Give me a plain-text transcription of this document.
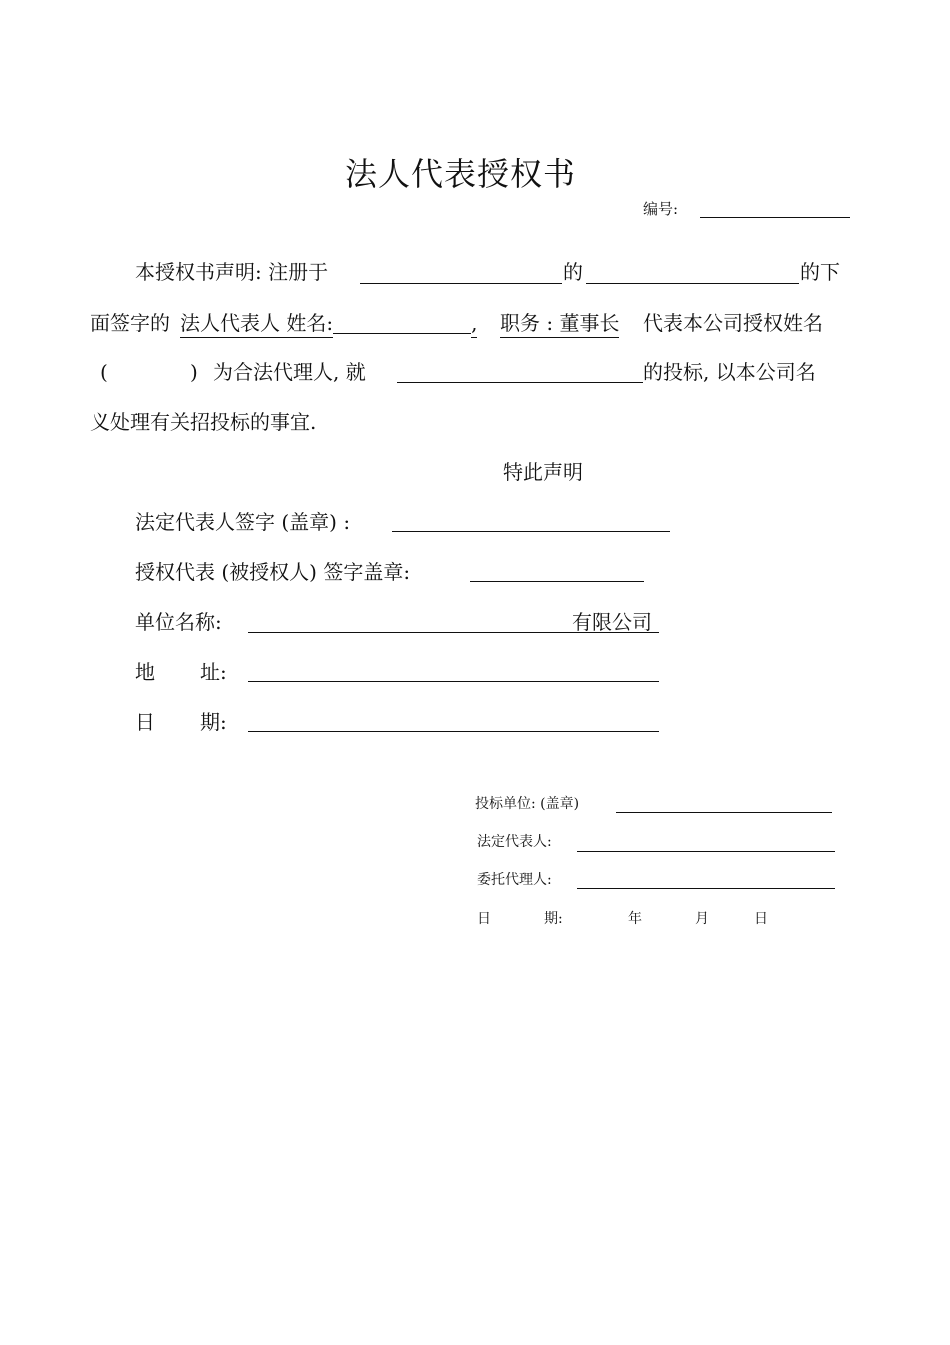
法人代表授权书
编号:
本授权书声明: 注册于	的	的下
面签字的 法人代表人 姓名:	, 职务 : 董事长 代表本公司授权姓名
(	) 为合法代理人, 就	的投标, 以本公司名
义处理有关招投标的事宜.
特此声明
法定代表人签字 (盖章) :
授权代表 (被授权人) 签字盖章:
单位名称:	有限公司
地 址:
日 期:
投标单位: (盖章)
法定代表人:
委托代理人:
日	期:	年	月	日
